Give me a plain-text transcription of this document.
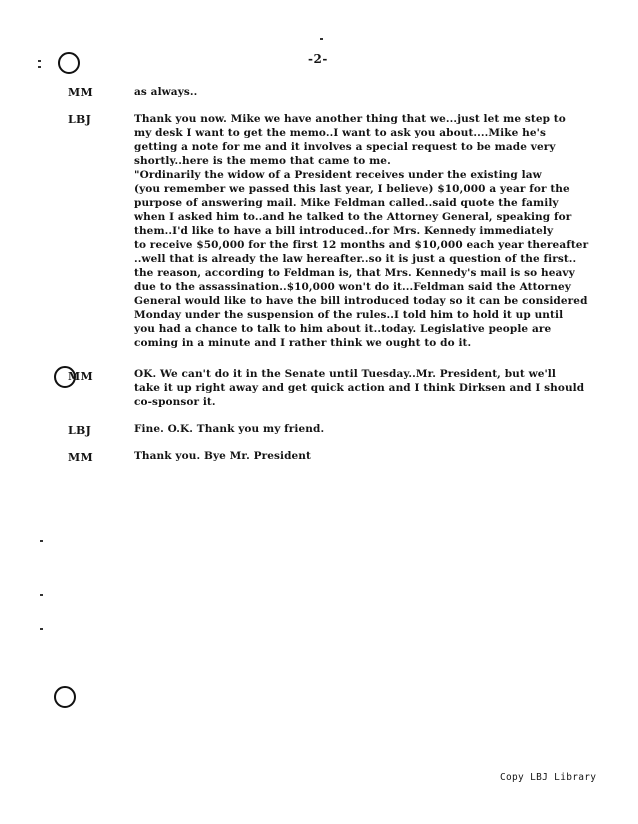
-2-
MM	as always..
LBJ	Thank you now. Mike we have another thing that we...just let me step to
my desk I want to get the memo..I want to ask you about....Mike he's
getting a note for me and it involves a special request to be made very
shortly..here is the memo that came to me.
"Ordinarily the widow of a President receives under the existing law
(you remember we passed this last year, I believe) $10,000 a year for the
purpose of answering mail. Mike Feldman called..said quote the family
when I asked him to..and he talked to the Attorney General, speaking for
them..I'd like to have a bill introduced..for Mrs. Kennedy immediately
to receive $50,000 for the first 12 months and $10,000 each year thereafter
..well that is already the law hereafter..so it is just a question of the first..
the reason, according to Feldman is, that Mrs. Kennedy's mail is so heavy
due to the assassination..$10,000 won't do it...Feldman said the Attorney
General would like to have the bill introduced today so it can be considered
Monday under the suspension of the rules..I told him to hold it up until
you had a chance to talk to him about it..today. Legislative people are
coming in a minute and I rather think we ought to do it.
MM	OK. We can't do it in the Senate until Tuesday..Mr. President, but we'll
take it up right away and get quick action and I think Dirksen and I should
co-sponsor it.
LBJ	Fine. O.K. Thank you my friend.
MM	Thank you. Bye Mr. President
Copy LBJ Library
